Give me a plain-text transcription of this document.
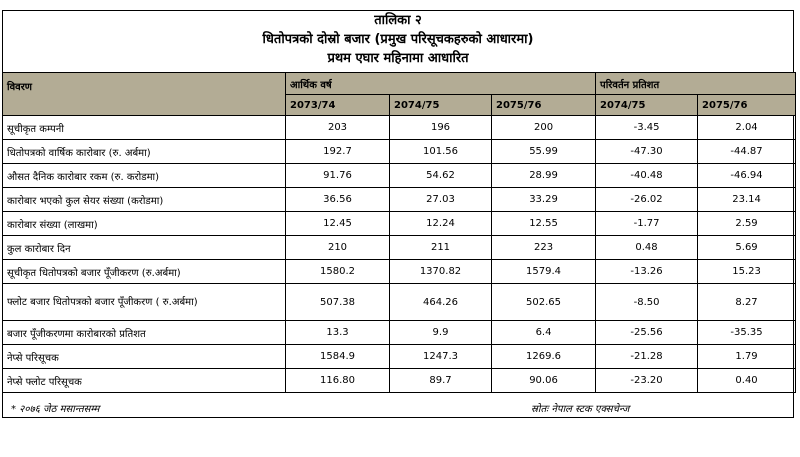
तालिका २
धितोपत्रको दोस्रो बजार (प्रमुख परिसूचकहरुको आधारमा)
प्रथम एघार महिनामा आधारित
विवरण	आर्थिक वर्ष			परिवर्तन प्रतिशत	
	2073/74	2074/75	2075/76	2074/75	2075/76
सूचीकृत कम्पनी	203	196	200	-3.45	2.04
धितोपत्रको वार्षिक कारोबार (रु. अर्बमा)	192.7	101.56	55.99	-47.30	-44.87
औसत दैनिक कारोबार रकम (रु. करोडमा)	91.76	54.62	28.99	-40.48	-46.94
कारोबार भएको कुल सेयर संख्या (करोडमा)	36.56	27.03	33.29	-26.02	23.14
कारोबार संख्या (लाखमा)	12.45	12.24	12.55	-1.77	2.59
कुल कारोबार दिन	210	211	223	0.48	5.69
सूचीकृत धितोपत्रको बजार पूँजीकरण (रु.अर्बमा)	1580.2	1370.82	1579.4	-13.26	15.23
फ्लोट बजार धितोपत्रको बजार पूँजीकरण ( रु.अर्बमा)	507.38	464.26	502.65	-8.50	8.27
बजार पूँजीकरणमा कारोबारको प्रतिशत	13.3	9.9	6.4	-25.56	-35.35
नेप्से परिसूचक	1584.9	1247.3	1269.6	-21.28	1.79
नेप्से फ्लोट परिसूचक	116.80	89.7	90.06	-23.20	0.40
* २०७६ जेठ मसान्तसम्म	स्रोतः नेपाल स्टक एक्सचेन्ज
